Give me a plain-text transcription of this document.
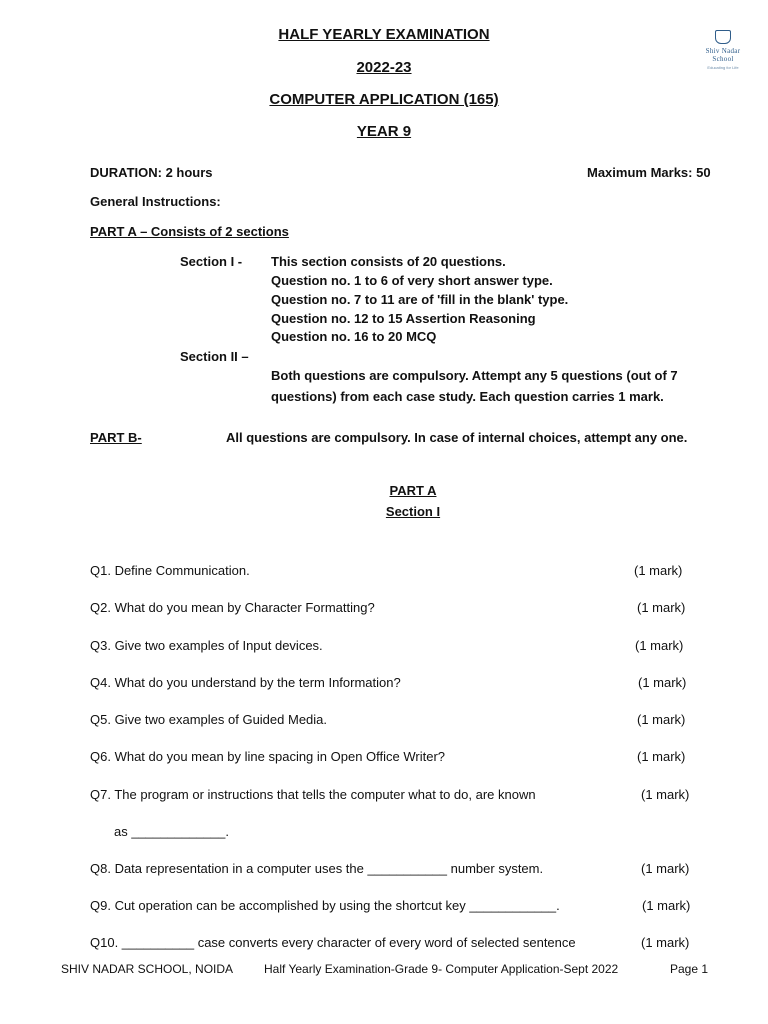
HALF YEARLY EXAMINATION
2022-23
COMPUTER APPLICATION (165)
YEAR 9
Shiv Nadar School
Educating for Life
DURATION: 2 hours	Maximum Marks: 50
General Instructions:
PART A – Consists of 2 sections
Section I - This section consists of 20 questions.
Question no. 1 to 6 of very short answer type.
Question no. 7 to 11 are of 'fill in the blank' type.
Question no. 12 to 15 Assertion Reasoning
Question no. 16 to 20 MCQ
Section II –
Both questions are compulsory. Attempt any 5 questions (out of 7
questions) from each case study. Each question carries 1 mark.
PART B-	All questions are compulsory. In case of internal choices, attempt any one.
PART A
Section I
Q1. Define Communication.	(1 mark)
Q2. What do you mean by Character Formatting?	(1 mark)
Q3. Give two examples of Input devices.	(1 mark)
Q4. What do you understand by the term Information?	(1 mark)
Q5. Give two examples of Guided Media.	(1 mark)
Q6. What do you mean by line spacing in Open Office Writer?	(1 mark)
Q7. The program or instructions that tells the computer what to do, are known	(1 mark)
as _____________.
Q8. Data representation in a computer uses the ___________ number system.	(1 mark)
Q9. Cut operation can be accomplished by using the shortcut key ____________.	(1 mark)
Q10. __________ case converts every character of every word of selected sentence	(1 mark)
SHIV NADAR SCHOOL, NOIDA	Half Yearly Examination-Grade 9- Computer Application-Sept 2022	Page 1
